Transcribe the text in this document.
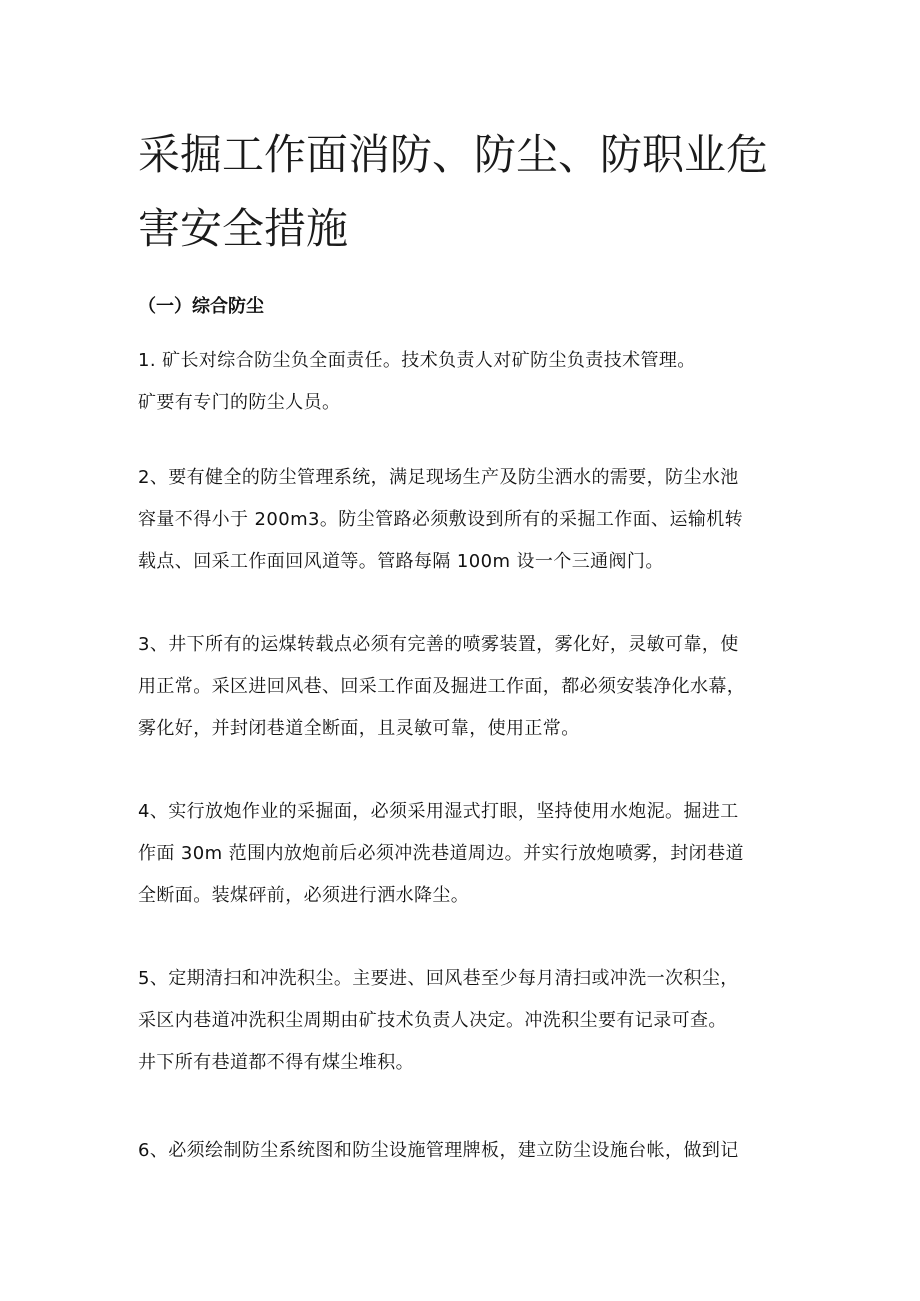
采掘工作面消防、防尘、防职业危
害安全措施
（一）综合防尘
1. 矿长对综合防尘负全面责任。技术负责人对矿防尘负责技术管理。
矿要有专门的防尘人员。
2、要有健全的防尘管理系统，满足现场生产及防尘洒水的需要，防尘水池
容量不得小于 200m3。防尘管路必须敷设到所有的采掘工作面、运输机转
载点、回采工作面回风道等。管路每隔 100m 设一个三通阀门。
3、井下所有的运煤转载点必须有完善的喷雾装置，雾化好，灵敏可靠，使
用正常。采区进回风巷、回采工作面及掘进工作面，都必须安装净化水幕，
雾化好，并封闭巷道全断面，且灵敏可靠，使用正常。
4、实行放炮作业的采掘面，必须采用湿式打眼，坚持使用水炮泥。掘进工
作面 30m 范围内放炮前后必须冲洗巷道周边。并实行放炮喷雾，封闭巷道
全断面。装煤砰前，必须进行洒水降尘。
5、定期清扫和冲洗积尘。主要进、回风巷至少每月清扫或冲洗一次积尘，
采区内巷道冲洗积尘周期由矿技术负责人决定。冲洗积尘要有记录可查。
井下所有巷道都不得有煤尘堆积。
6、必须绘制防尘系统图和防尘设施管理牌板，建立防尘设施台帐，做到记
